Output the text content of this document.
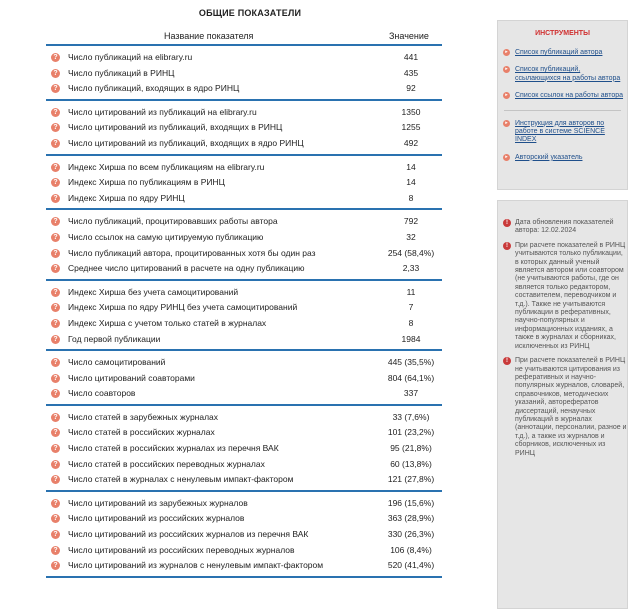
ОБЩИЕ ПОКАЗАТЕЛИ
Название показателя	Значение
? Число публикаций на elibrary.ru	441
? Число публикаций в РИНЦ	435
? Число публикаций, входящих в ядро РИНЦ	92
? Число цитирований из публикаций на elibrary.ru	1350
? Число цитирований из публикаций, входящих в РИНЦ	1255
? Число цитирований из публикаций, входящих в ядро РИНЦ	492
? Индекс Хирша по всем публикациям на elibrary.ru	14
? Индекс Хирша по публикациям в РИНЦ	14
? Индекс Хирша по ядру РИНЦ	8
? Число публикаций, процитировавших работы автора	792
? Число ссылок на самую цитируемую публикацию	32
? Число публикаций автора, процитированных хотя бы один раз	254 (58,4%)
? Среднее число цитирований в расчете на одну публикацию	2,33
? Индекс Хирша без учета самоцитирований	11
? Индекс Хирша по ядру РИНЦ без учета самоцитирований	7
? Индекс Хирша с учетом только статей в журналах	8
? Год первой публикации	1984
? Число самоцитирований	445 (35,5%)
? Число цитирований соавторами	804 (64,1%)
? Число соавторов	337
? Число статей в зарубежных журналах	33 (7,6%)
? Число статей в российских журналах	101 (23,2%)
? Число статей в российских журналах из перечня ВАК	95 (21,8%)
? Число статей в российских переводных журналах	60 (13,8%)
? Число статей в журналах с ненулевым импакт-фактором	121 (27,8%)
? Число цитирований из зарубежных журналов	196 (15,6%)
? Число цитирований из российских журналов	363 (28,9%)
? Число цитирований из российских журналов из перечня ВАК	330 (26,3%)
? Число цитирований из российских переводных журналов	106 (8,4%)
? Число цитирований из журналов с ненулевым импакт-фактором	520 (41,4%)
ИНСТРУМЕНТЫ
▸	Список публикаций автора
▸	Список публикаций, ссылающихся на работы автора
▸	Список ссылок на работы автора
▸	Инструкция для авторов по работе в системе SCIENCE INDEX
▸	Авторский указатель
!	Дата обновления показателей автора: 12.02.2024
!	При расчете показателей в РИНЦ учитываются только публикации, в которых данный ученый является автором или соавтором (не учитываются работы, где он является только редактором, составителем, переводчиком и т.д.). Также не учитываются публикации в реферативных, научно-популярных и информационных изданиях, а также в журналах и сборниках, исключенных из РИНЦ
!	При расчете показателей в РИНЦ не учитываются цитирования из реферативных и научно-популярных журналов, словарей, справочников, методических указаний, авторефератов диссертаций, ненаучных публикаций в журналах (аннотации, персоналии, разное и т.д.), а также из журналов и сборников, исключенных из РИНЦ
